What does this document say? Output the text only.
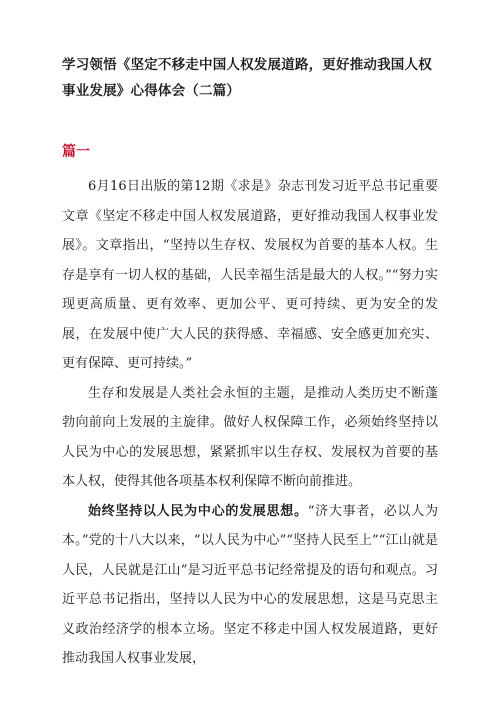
学习领悟《坚定不移走中国人权发展道路，更好推动我国人权事业发展》心得体会（二篇）
篇一

6月16日出版的第12期《求是》杂志刊发习近平总书记重要文章《坚定不移走中国人权发展道路，更好推动我国人权事业发展》。文章指出，“坚持以生存权、发展权为首要的基本人权。生存是享有一切人权的基础，人民幸福生活是最大的人权。”“努力实现更高质量、更有效率、更加公平、更可持续、更为安全的发展，在发展中使广大人民的获得感、幸福感、安全感更加充实、更有保障、更可持续。”

生存和发展是人类社会永恒的主题，是推动人类历史不断蓬勃向前向上发展的主旋律。做好人权保障工作，必须始终坚持以人民为中心的发展思想，紧紧抓牢以生存权、发展权为首要的基本人权，使得其他各项基本权利保障不断向前推进。

始终坚持以人民为中心的发展思想。“济大事者，必以人为本。”党的十八大以来，“以人民为中心”“坚持人民至上”“江山就是人民，人民就是江山”是习近平总书记经常提及的语句和观点。习近平总书记指出，坚持以人民为中心的发展思想，这是马克思主义政治经济学的根本立场。坚定不移走中国人权发展道路，更好推动我国人权事业发展，
